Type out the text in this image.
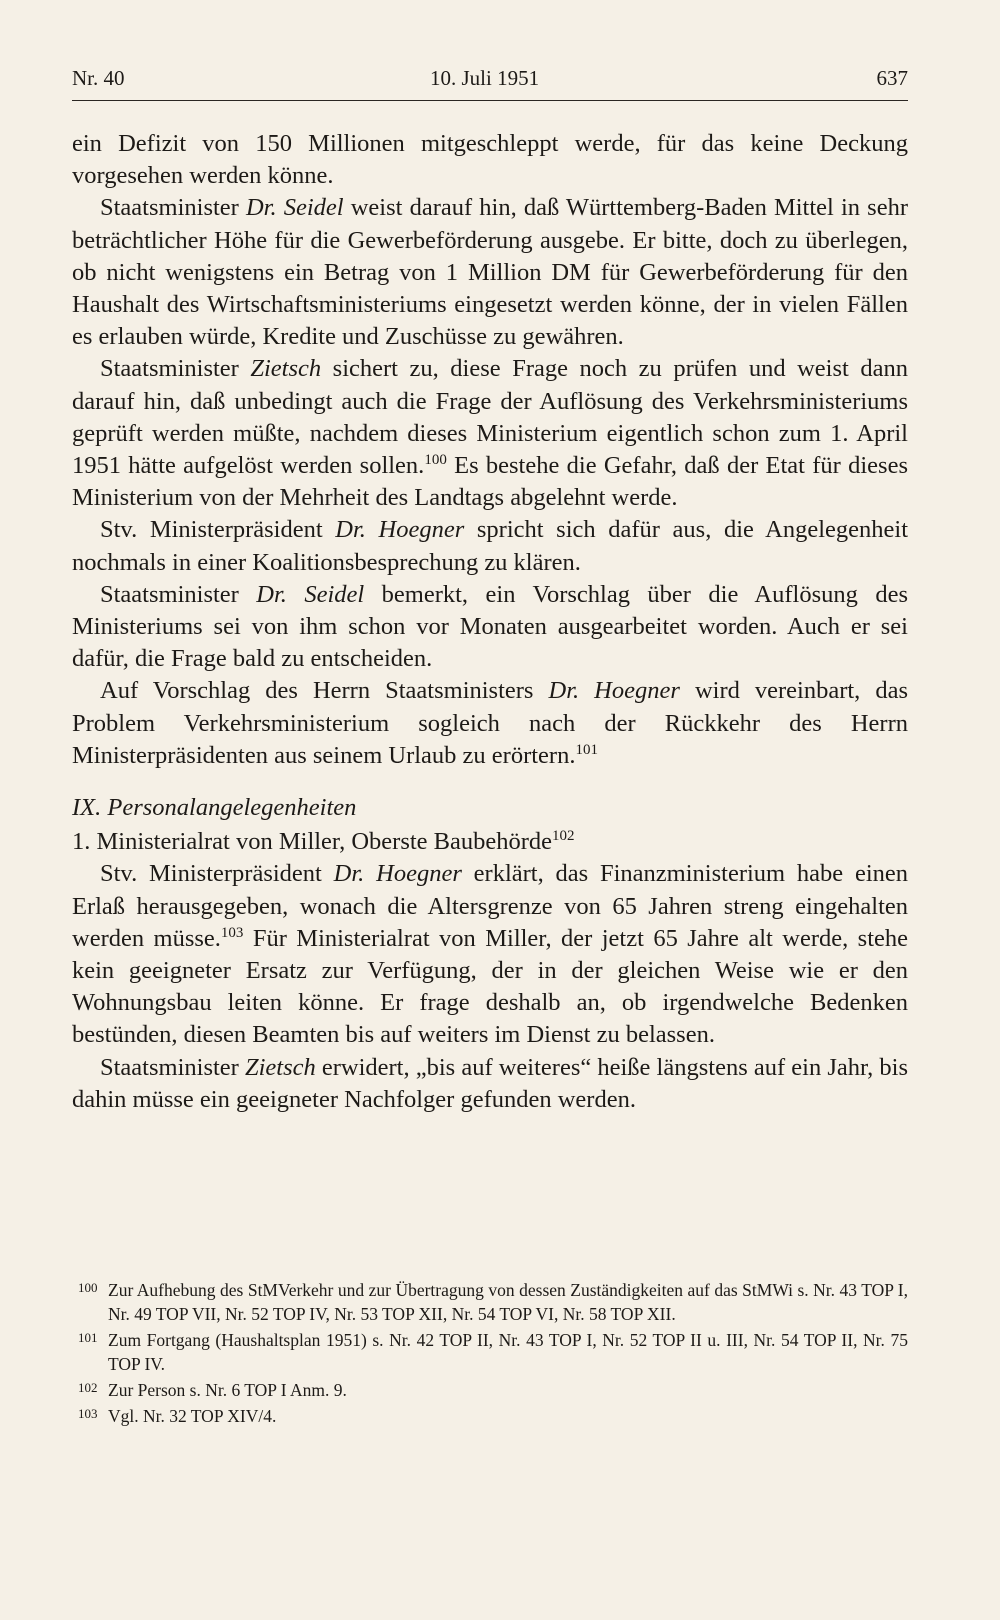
Nr. 40	10. Juli 1951	637

ein Defizit von 150 Millionen mitgeschleppt werde, für das keine Deckung vorgesehen werden könne.

Staatsminister Dr. Seidel weist darauf hin, daß Württemberg-Baden Mittel in sehr beträchtlicher Höhe für die Gewerbeförderung ausgebe. Er bitte, doch zu überlegen, ob nicht wenigstens ein Betrag von 1 Million DM für Gewerbeförderung für den Haushalt des Wirtschaftsministeriums eingesetzt werden könne, der in vielen Fällen es erlauben würde, Kredite und Zuschüsse zu gewähren.

Staatsminister Zietsch sichert zu, diese Frage noch zu prüfen und weist dann darauf hin, daß unbedingt auch die Frage der Auflösung des Verkehrsministeriums geprüft werden müßte, nachdem dieses Ministerium eigentlich schon zum 1. April 1951 hätte aufgelöst werden sollen.$^{100}$ Es bestehe die Gefahr, daß der Etat für dieses Ministerium von der Mehrheit des Landtags abgelehnt werde.

Stv. Ministerpräsident Dr. Hoegner spricht sich dafür aus, die Angelegenheit nochmals in einer Koalitionsbesprechung zu klären.

Staatsminister Dr. Seidel bemerkt, ein Vorschlag über die Auflösung des Ministeriums sei von ihm schon vor Monaten ausgearbeitet worden. Auch er sei dafür, die Frage bald zu entscheiden.

Auf Vorschlag des Herrn Staatsministers Dr. Hoegner wird vereinbart, das Problem Verkehrsministerium sogleich nach der Rückkehr des Herrn Ministerpräsidenten aus seinem Urlaub zu erörtern.$^{101}$

IX. Personalangelegenheiten

1. Ministerialrat von Miller, Oberste Baubehörde$^{102}$

Stv. Ministerpräsident Dr. Hoegner erklärt, das Finanzministerium habe einen Erlaß herausgegeben, wonach die Altersgrenze von 65 Jahren streng eingehalten werden müsse.$^{103}$ Für Ministerialrat von Miller, der jetzt 65 Jahre alt werde, stehe kein geeigneter Ersatz zur Verfügung, der in der gleichen Weise wie er den Wohnungsbau leiten könne. Er frage deshalb an, ob irgendwelche Bedenken bestünden, diesen Beamten bis auf weiters im Dienst zu belassen.

Staatsminister Zietsch erwidert, „bis auf weiteres“ heiße längstens auf ein Jahr, bis dahin müsse ein geeigneter Nachfolger gefunden werden.

100 Zur Aufhebung des StMVerkehr und zur Übertragung von dessen Zuständigkeiten auf das StMWi s. Nr. 43 TOP I, Nr. 49 TOP VII, Nr. 52 TOP IV, Nr. 53 TOP XII, Nr. 54 TOP VI, Nr. 58 TOP XII.
101 Zum Fortgang (Haushaltsplan 1951) s. Nr. 42 TOP II, Nr. 43 TOP I, Nr. 52 TOP II u. III, Nr. 54 TOP II, Nr. 75 TOP IV.
102 Zur Person s. Nr. 6 TOP I Anm. 9.
103 Vgl. Nr. 32 TOP XIV/4.
